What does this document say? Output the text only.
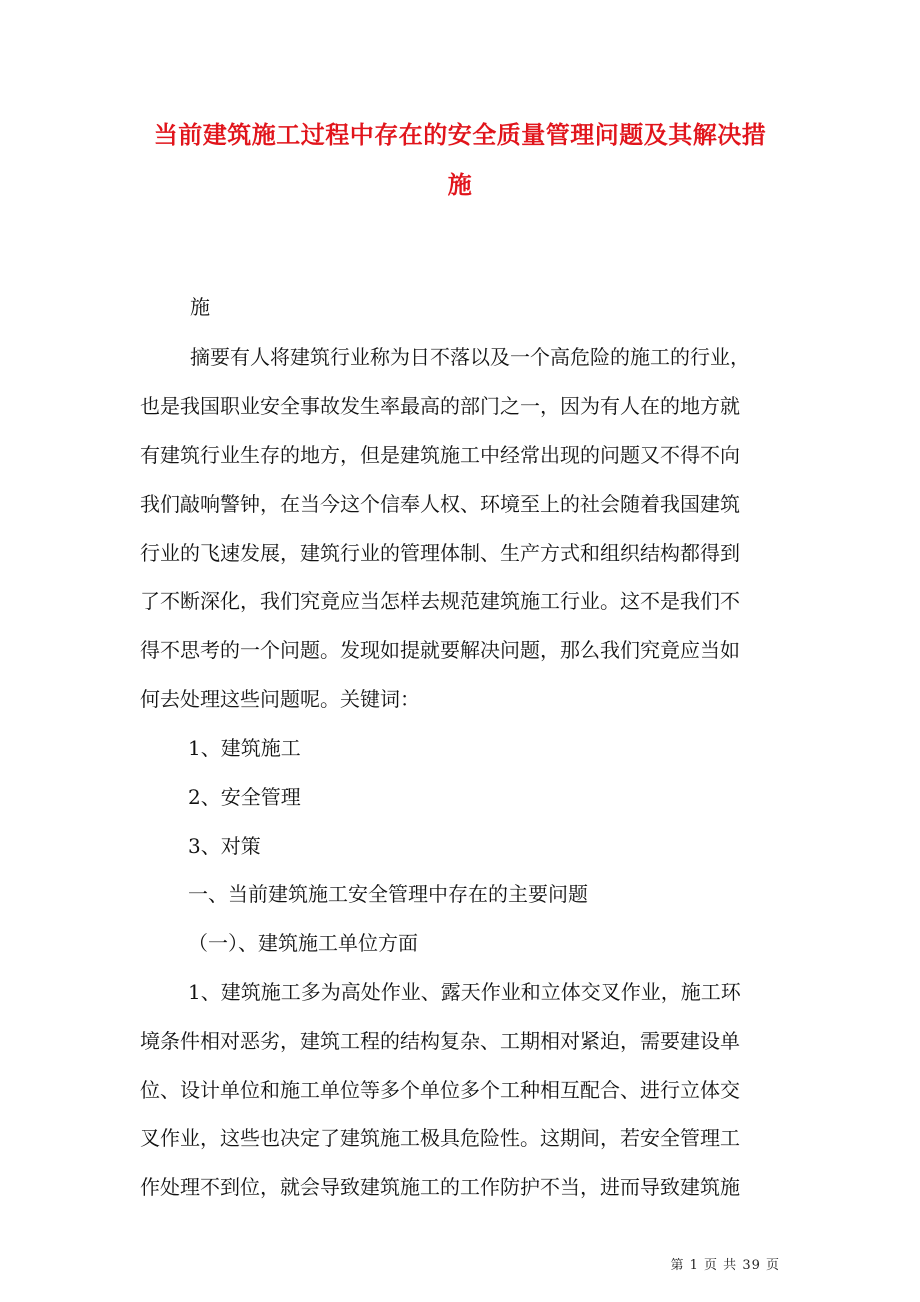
当前建筑施工过程中存在的安全质量管理问题及其解决措
施
施
摘要有人将建筑行业称为日不落以及一个高危险的施工的行业，
也是我国职业安全事故发生率最高的部门之一，因为有人在的地方就
有建筑行业生存的地方，但是建筑施工中经常出现的问题又不得不向
我们敲响警钟，在当今这个信奉人权、环境至上的社会随着我国建筑
行业的飞速发展，建筑行业的管理体制、生产方式和组织结构都得到
了不断深化，我们究竟应当怎样去规范建筑施工行业。这不是我们不
得不思考的一个问题。发现如提就要解决问题，那么我们究竟应当如
何去处理这些问题呢。关键词：
1、建筑施工
2、安全管理
3、对策
一、当前建筑施工安全管理中存在的主要问题
（一）、建筑施工单位方面
1、建筑施工多为高处作业、露天作业和立体交叉作业，施工环
境条件相对恶劣，建筑工程的结构复杂、工期相对紧迫，需要建设单
位、设计单位和施工单位等多个单位多个工种相互配合、进行立体交
叉作业，这些也决定了建筑施工极具危险性。这期间，若安全管理工
作处理不到位，就会导致建筑施工的工作防护不当，进而导致建筑施
第 1 页 共 39 页
